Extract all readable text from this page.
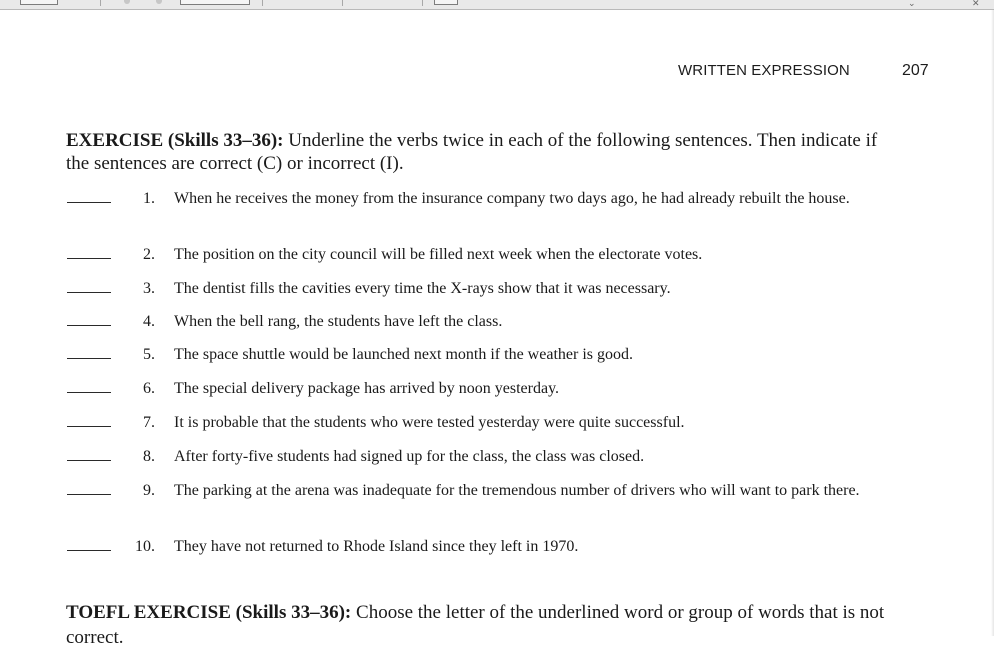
⌄	✕
WRITTEN EXPRESSION	207
EXERCISE (Skills 33–36): Underline the verbs twice in each of the following sentences. Then indicate if the sentences are correct (C) or incorrect (I).
1. When he receives the money from the insurance company two days ago, he had already rebuilt the house.
2. The position on the city council will be filled next week when the electorate votes.
3. The dentist fills the cavities every time the X-rays show that it was necessary.
4. When the bell rang, the students have left the class.
5. The space shuttle would be launched next month if the weather is good.
6. The special delivery package has arrived by noon yesterday.
7. It is probable that the students who were tested yesterday were quite successful.
8. After forty-five students had signed up for the class, the class was closed.
9. The parking at the arena was inadequate for the tremendous number of drivers who will want to park there.
10. They have not returned to Rhode Island since they left in 1970.
TOEFL EXERCISE (Skills 33–36): Choose the letter of the underlined word or group of words that is not correct.
